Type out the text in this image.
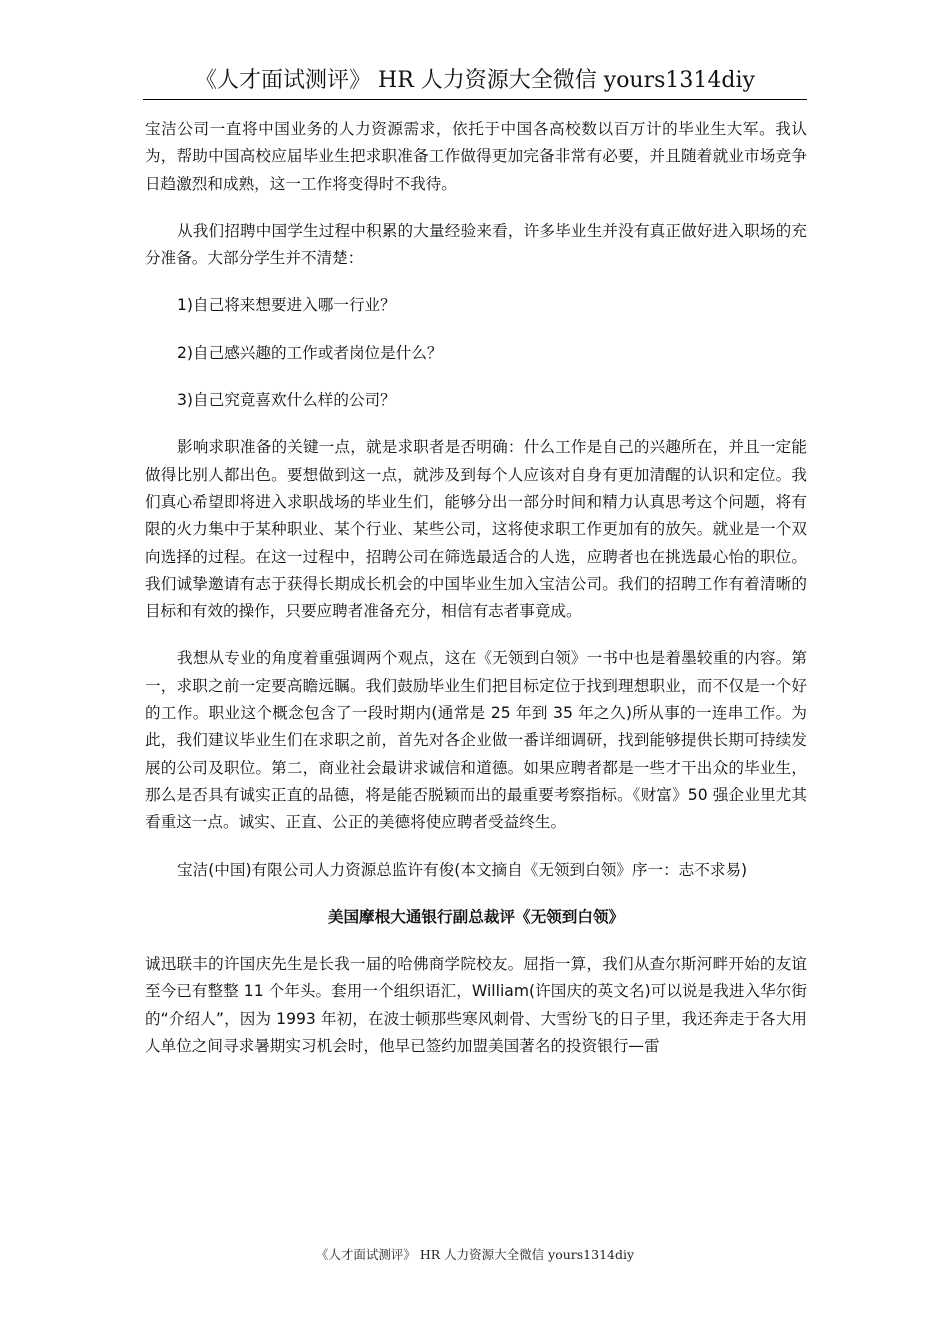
《人才面试测评》 HR 人力资源大全微信 yours1314diy

宝洁公司一直将中国业务的人力资源需求，依托于中国各高校数以百万计的毕业生大军。我认为，帮助中国高校应届毕业生把求职准备工作做得更加完备非常有必要，并且随着就业市场竞争日趋激烈和成熟，这一工作将变得时不我待。

从我们招聘中国学生过程中积累的大量经验来看，许多毕业生并没有真正做好进入职场的充分准备。大部分学生并不清楚：

1)自己将来想要进入哪一行业？

2)自己感兴趣的工作或者岗位是什么？

3)自己究竟喜欢什么样的公司？

影响求职准备的关键一点，就是求职者是否明确：什么工作是自己的兴趣所在，并且一定能做得比别人都出色。要想做到这一点，就涉及到每个人应该对自身有更加清醒的认识和定位。我们真心希望即将进入求职战场的毕业生们，能够分出一部分时间和精力认真思考这个问题，将有限的火力集中于某种职业、某个行业、某些公司，这将使求职工作更加有的放矢。就业是一个双向选择的过程。在这一过程中，招聘公司在筛选最适合的人选，应聘者也在挑选最心怡的职位。我们诚挚邀请有志于获得长期成长机会的中国毕业生加入宝洁公司。我们的招聘工作有着清晰的目标和有效的操作，只要应聘者准备充分，相信有志者事竟成。

我想从专业的角度着重强调两个观点，这在《无领到白领》一书中也是着墨较重的内容。第一，求职之前一定要高瞻远瞩。我们鼓励毕业生们把目标定位于找到理想职业，而不仅是一个好的工作。职业这个概念包含了一段时期内(通常是 25 年到 35 年之久)所从事的一连串工作。为此，我们建议毕业生们在求职之前，首先对各企业做一番详细调研，找到能够提供长期可持续发展的公司及职位。第二，商业社会最讲求诚信和道德。如果应聘者都是一些才干出众的毕业生，那么是否具有诚实正直的品德，将是能否脱颖而出的最重要考察指标。《财富》50 强企业里尤其看重这一点。诚实、正直、公正的美德将使应聘者受益终生。

宝洁(中国)有限公司人力资源总监许有俊(本文摘自《无领到白领》序一：志不求易)

美国摩根大通银行副总裁评《无领到白领》

诚迅联丰的许国庆先生是长我一届的哈佛商学院校友。屈指一算，我们从查尔斯河畔开始的友谊至今已有整整 11 个年头。套用一个组织语汇，William(许国庆的英文名)可以说是我进入华尔街的“介绍人”，因为 1993 年初，在波士顿那些寒风刺骨、大雪纷飞的日子里，我还奔走于各大用人单位之间寻求暑期实习机会时，他早已签约加盟美国著名的投资银行—雷

《人才面试测评》 HR 人力资源大全微信 yours1314diy
